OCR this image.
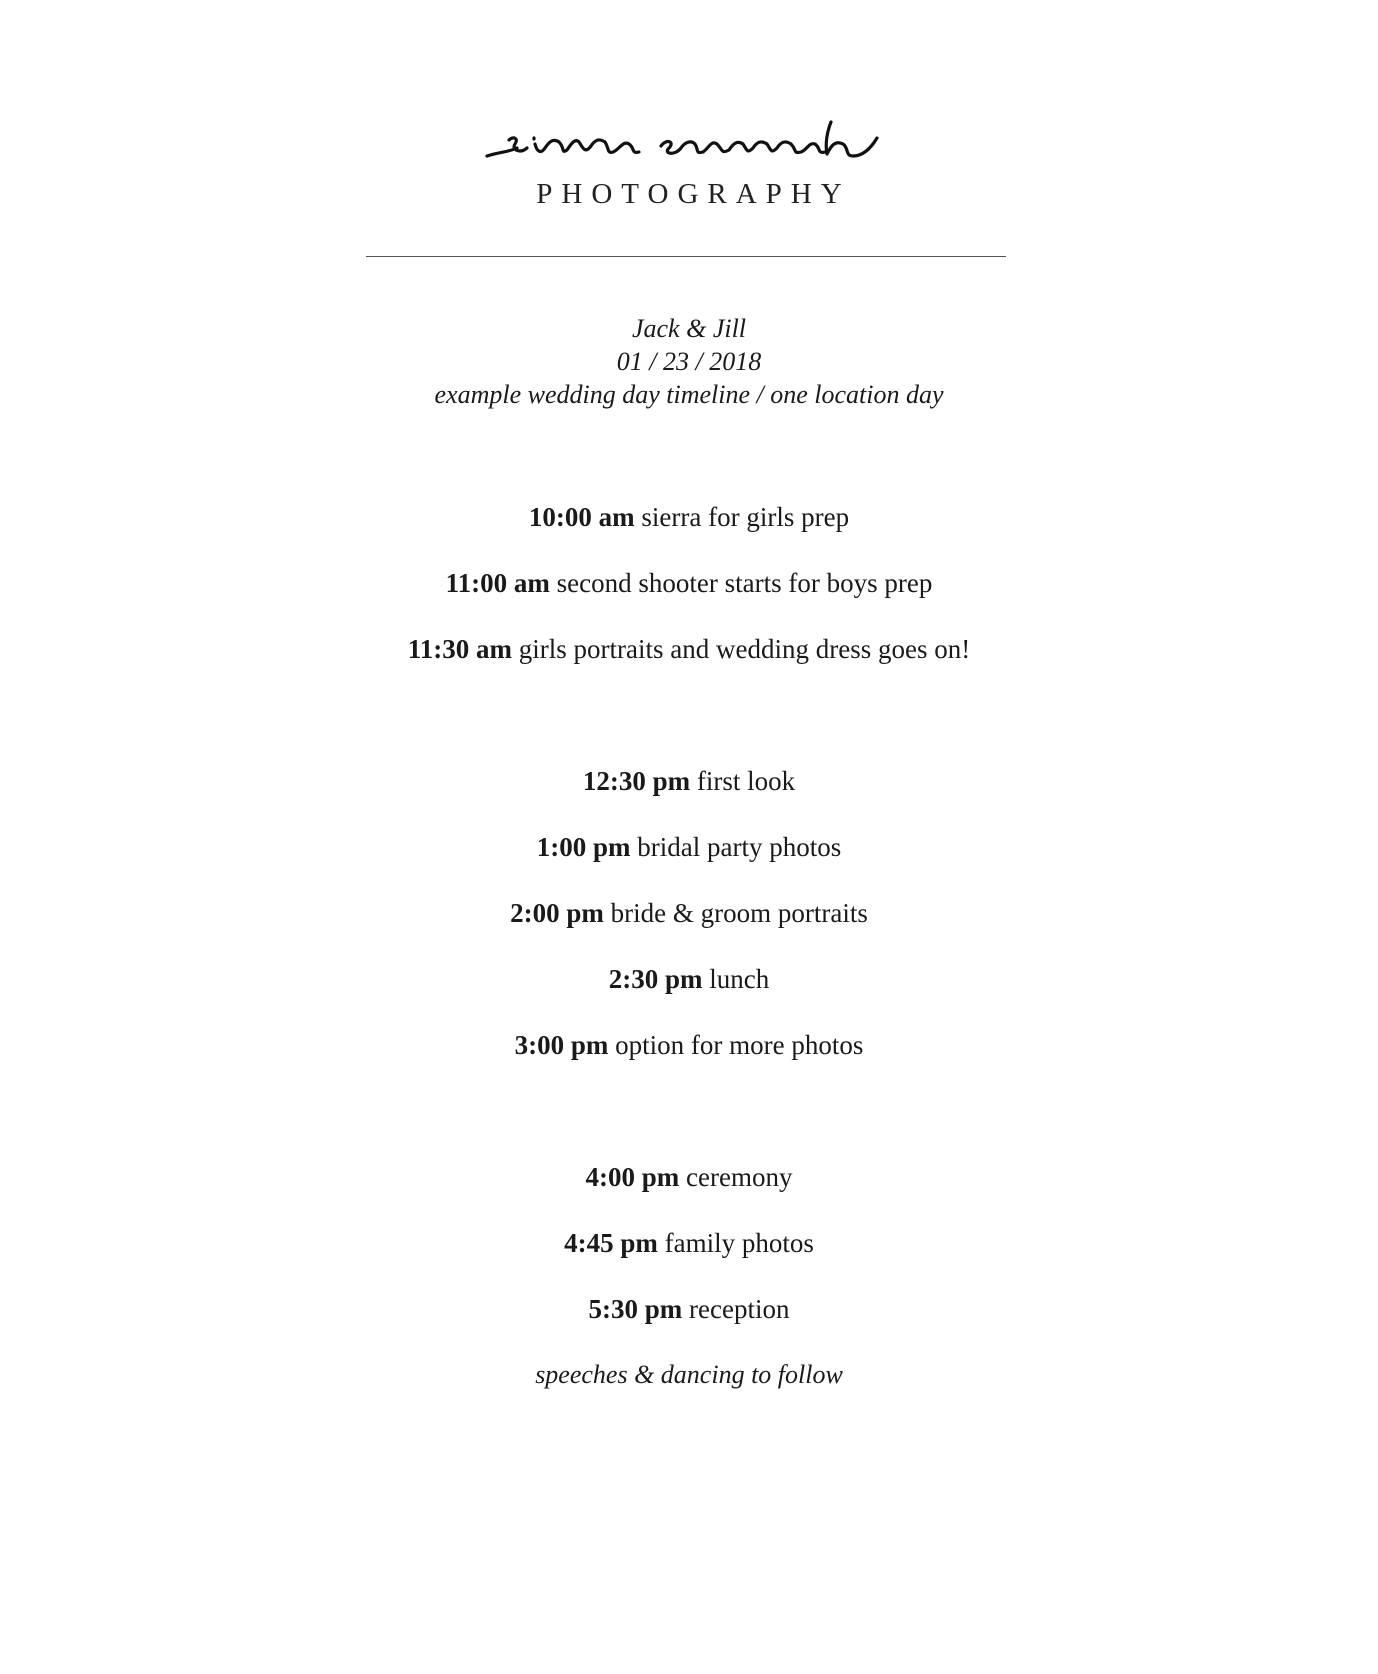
PHOTOGRAPHY
Jack & Jill
01 / 23 / 2018
example wedding day timeline / one location day
10:00 am sierra for girls prep
11:00 am second shooter starts for boys prep
11:30 am girls portraits and wedding dress goes on!
12:30 pm first look
1:00 pm bridal party photos
2:00 pm bride & groom portraits
2:30 pm lunch
3:00 pm option for more photos
4:00 pm ceremony
4:45 pm family photos
5:30 pm reception
speeches & dancing to follow
